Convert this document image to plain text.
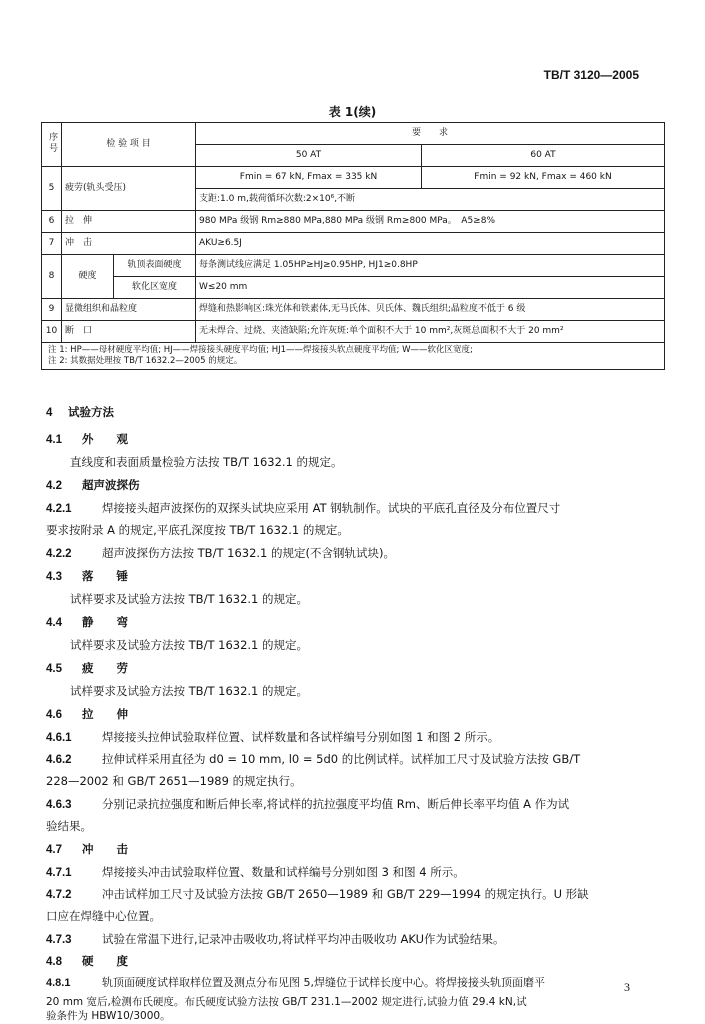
TB/T 3120—2005
表 1(续)
序号	检 验 项 目		要　　求	
			50 AT	60 AT
5	疲劳(轨头受压)		Fmin = 67 kN, Fmax = 335 kN	Fmin = 92 kN, Fmax = 460 kN
			支距:1.0 m,载荷循环次数:2×10⁶,不断	
6	拉　伸		980 MPa 级钢 Rm≥880 MPa,880 MPa 级钢 Rm≥800 MPa。　A5≥8%	
7	冲　击		AKU≥6.5J	
8	硬度	轨顶表面硬度	每条测试线应满足 1.05HP≥HJ≥0.95HP, HJ1≥0.8HP	
		软化区宽度	W≤20 mm	
9	显微组织和晶粒度		焊缝和热影响区:珠光体和铁素体,无马氏体、贝氏体、魏氏组织;晶粒度不低于 6 级	
10	断　口		无未焊合、过烧、夹渣缺陷;允许灰斑:单个面积不大于 10 mm²,灰斑总面积不大于 20 mm²	

注 1: HP——母材硬度平均值; HJ——焊接接头硬度平均值; HJ1——焊接接头软点硬度平均值; W——软化区宽度;
注 2: 其数据处理按 TB/T 1632.2—2005 的规定。				
4 试验方法
4.1 外　　观
直线度和表面质量检验方法按 TB/T 1632.1 的规定。
4.2 超声波探伤
4.2.1	焊接接头超声波探伤的双探头试块应采用 AT 钢轨制作。试块的平底孔直径及分布位置尺寸
要求按附录 A 的规定,平底孔深度按 TB/T 1632.1 的规定。
4.2.2	超声波探伤方法按 TB/T 1632.1 的规定(不含钢轨试块)。
4.3 落　　锤
试样要求及试验方法按 TB/T 1632.1 的规定。
4.4 静　　弯
试样要求及试验方法按 TB/T 1632.1 的规定。
4.5 疲　　劳
试样要求及试验方法按 TB/T 1632.1 的规定。
4.6 拉　　伸
4.6.1	焊接接头拉伸试验取样位置、试样数量和各试样编号分别如图 1 和图 2 所示。
4.6.2	拉伸试样采用直径为 d0 = 10 mm, l0 = 5d0 的比例试样。试样加工尺寸及试验方法按 GB/T
228—2002 和 GB/T 2651—1989 的规定执行。
4.6.3	分别记录抗拉强度和断后伸长率,将试样的抗拉强度平均值 Rm、断后伸长率平均值 A 作为试
验结果。
4.7 冲　　击
4.7.1	焊接接头冲击试验取样位置、数量和试样编号分别如图 3 和图 4 所示。
4.7.2	冲击试样加工尺寸及试验方法按 GB/T 2650—1989 和 GB/T 229—1994 的规定执行。U 形缺
口应在焊缝中心位置。
4.7.3	试验在常温下进行,记录冲击吸收功,将试样平均冲击吸收功 AKU作为试验结果。
4.8 硬　　度
4.8.1	轨顶面硬度试样取样位置及测点分布见图 5,焊缝位于试样长度中心。将焊接接头轨顶面磨平
20 mm 宽后,检测布氏硬度。布氏硬度试验方法按 GB/T 231.1—2002 规定进行,试验力值 29.4 kN,试
验条件为 HBW10/3000。
3
